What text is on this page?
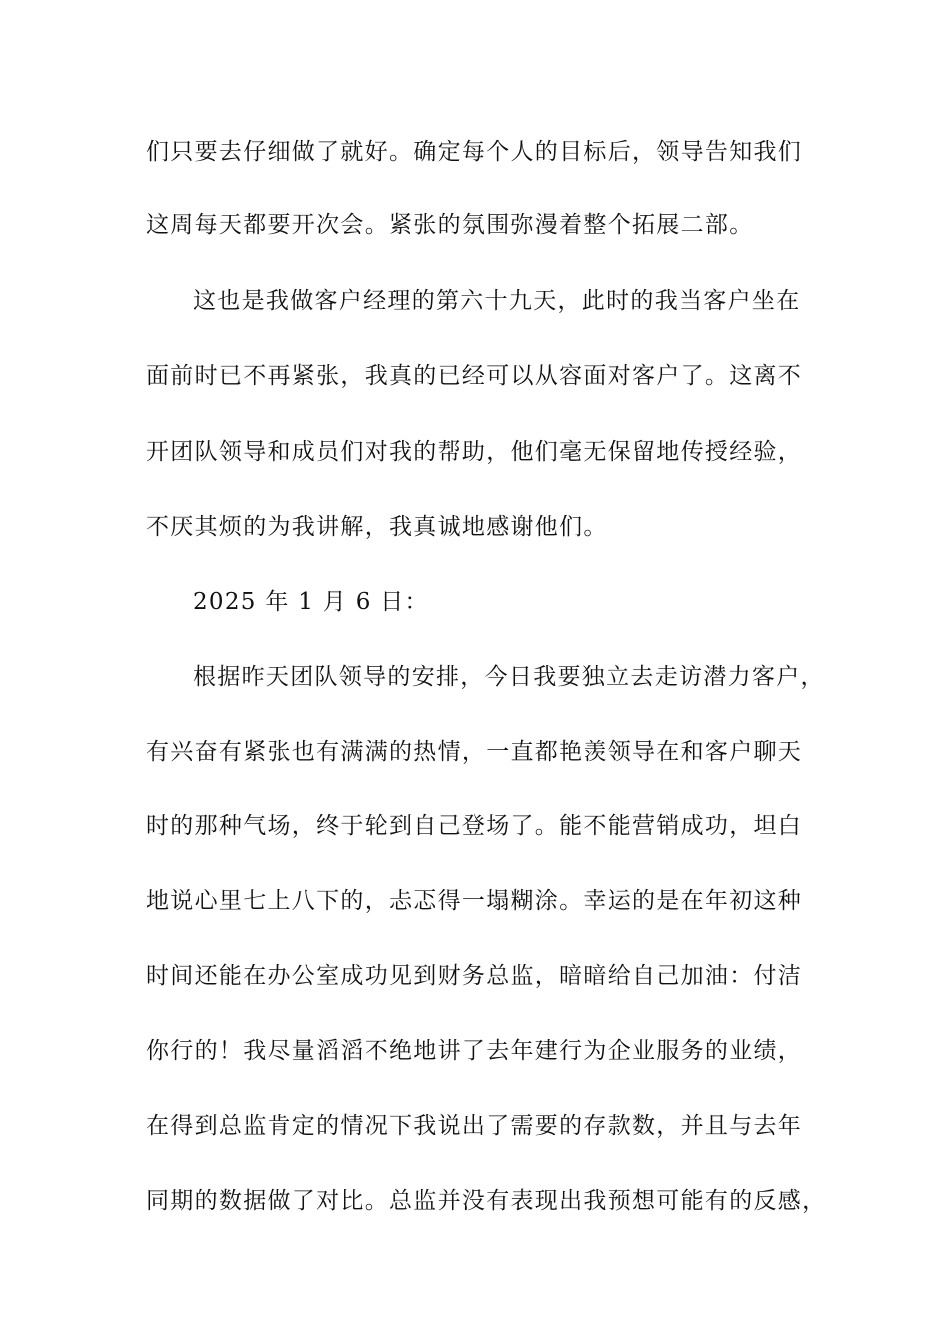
们只要去仔细做了就好。确定每个人的目标后，领导告知我们
这周每天都要开次会。紧张的氛围弥漫着整个拓展二部。
这也是我做客户经理的第六十九天，此时的我当客户坐在
面前时已不再紧张，我真的已经可以从容面对客户了。这离不
开团队领导和成员们对我的帮助，他们毫无保留地传授经验，
不厌其烦的为我讲解，我真诚地感谢他们。
2025 年 1 月 6 日：
根据昨天团队领导的安排，今日我要独立去走访潜力客户，
有兴奋有紧张也有满满的热情，一直都艳羡领导在和客户聊天
时的那种气场，终于轮到自己登场了。能不能营销成功，坦白
地说心里七上八下的，忐忑得一塌糊涂。幸运的是在年初这种
时间还能在办公室成功见到财务总监，暗暗给自己加油：付洁
你行的！我尽量滔滔不绝地讲了去年建行为企业服务的业绩，
在得到总监肯定的情况下我说出了需要的存款数，并且与去年
同期的数据做了对比。总监并没有表现出我预想可能有的反感，
